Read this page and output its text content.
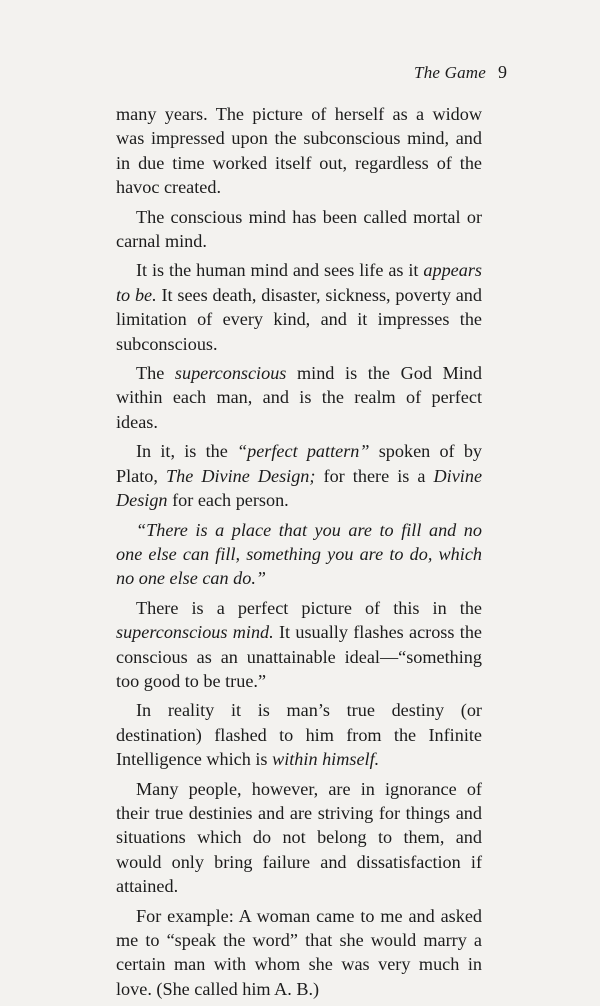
The Game 9

many years. The picture of herself as a widow was impressed upon the subconscious mind, and in due time worked itself out, regardless of the havoc created.

The conscious mind has been called mortal or carnal mind.

It is the human mind and sees life as it appears to be. It sees death, disaster, sickness, poverty and limitation of every kind, and it impresses the subconscious.

The superconscious mind is the God Mind within each man, and is the realm of perfect ideas.

In it, is the “perfect pattern” spoken of by Plato, The Divine Design; for there is a Divine Design for each person.

“There is a place that you are to fill and no one else can fill, something you are to do, which no one else can do.”

There is a perfect picture of this in the superconscious mind. It usually flashes across the conscious as an unattainable ideal—“something too good to be true.”

In reality it is man’s true destiny (or destination) flashed to him from the Infinite Intelligence which is within himself.

Many people, however, are in ignorance of their true destinies and are striving for things and situations which do not belong to them, and would only bring failure and dissatisfaction if attained.

For example: A woman came to me and asked me to “speak the word” that she would marry a certain man with whom she was very much in love. (She called him A. B.)
